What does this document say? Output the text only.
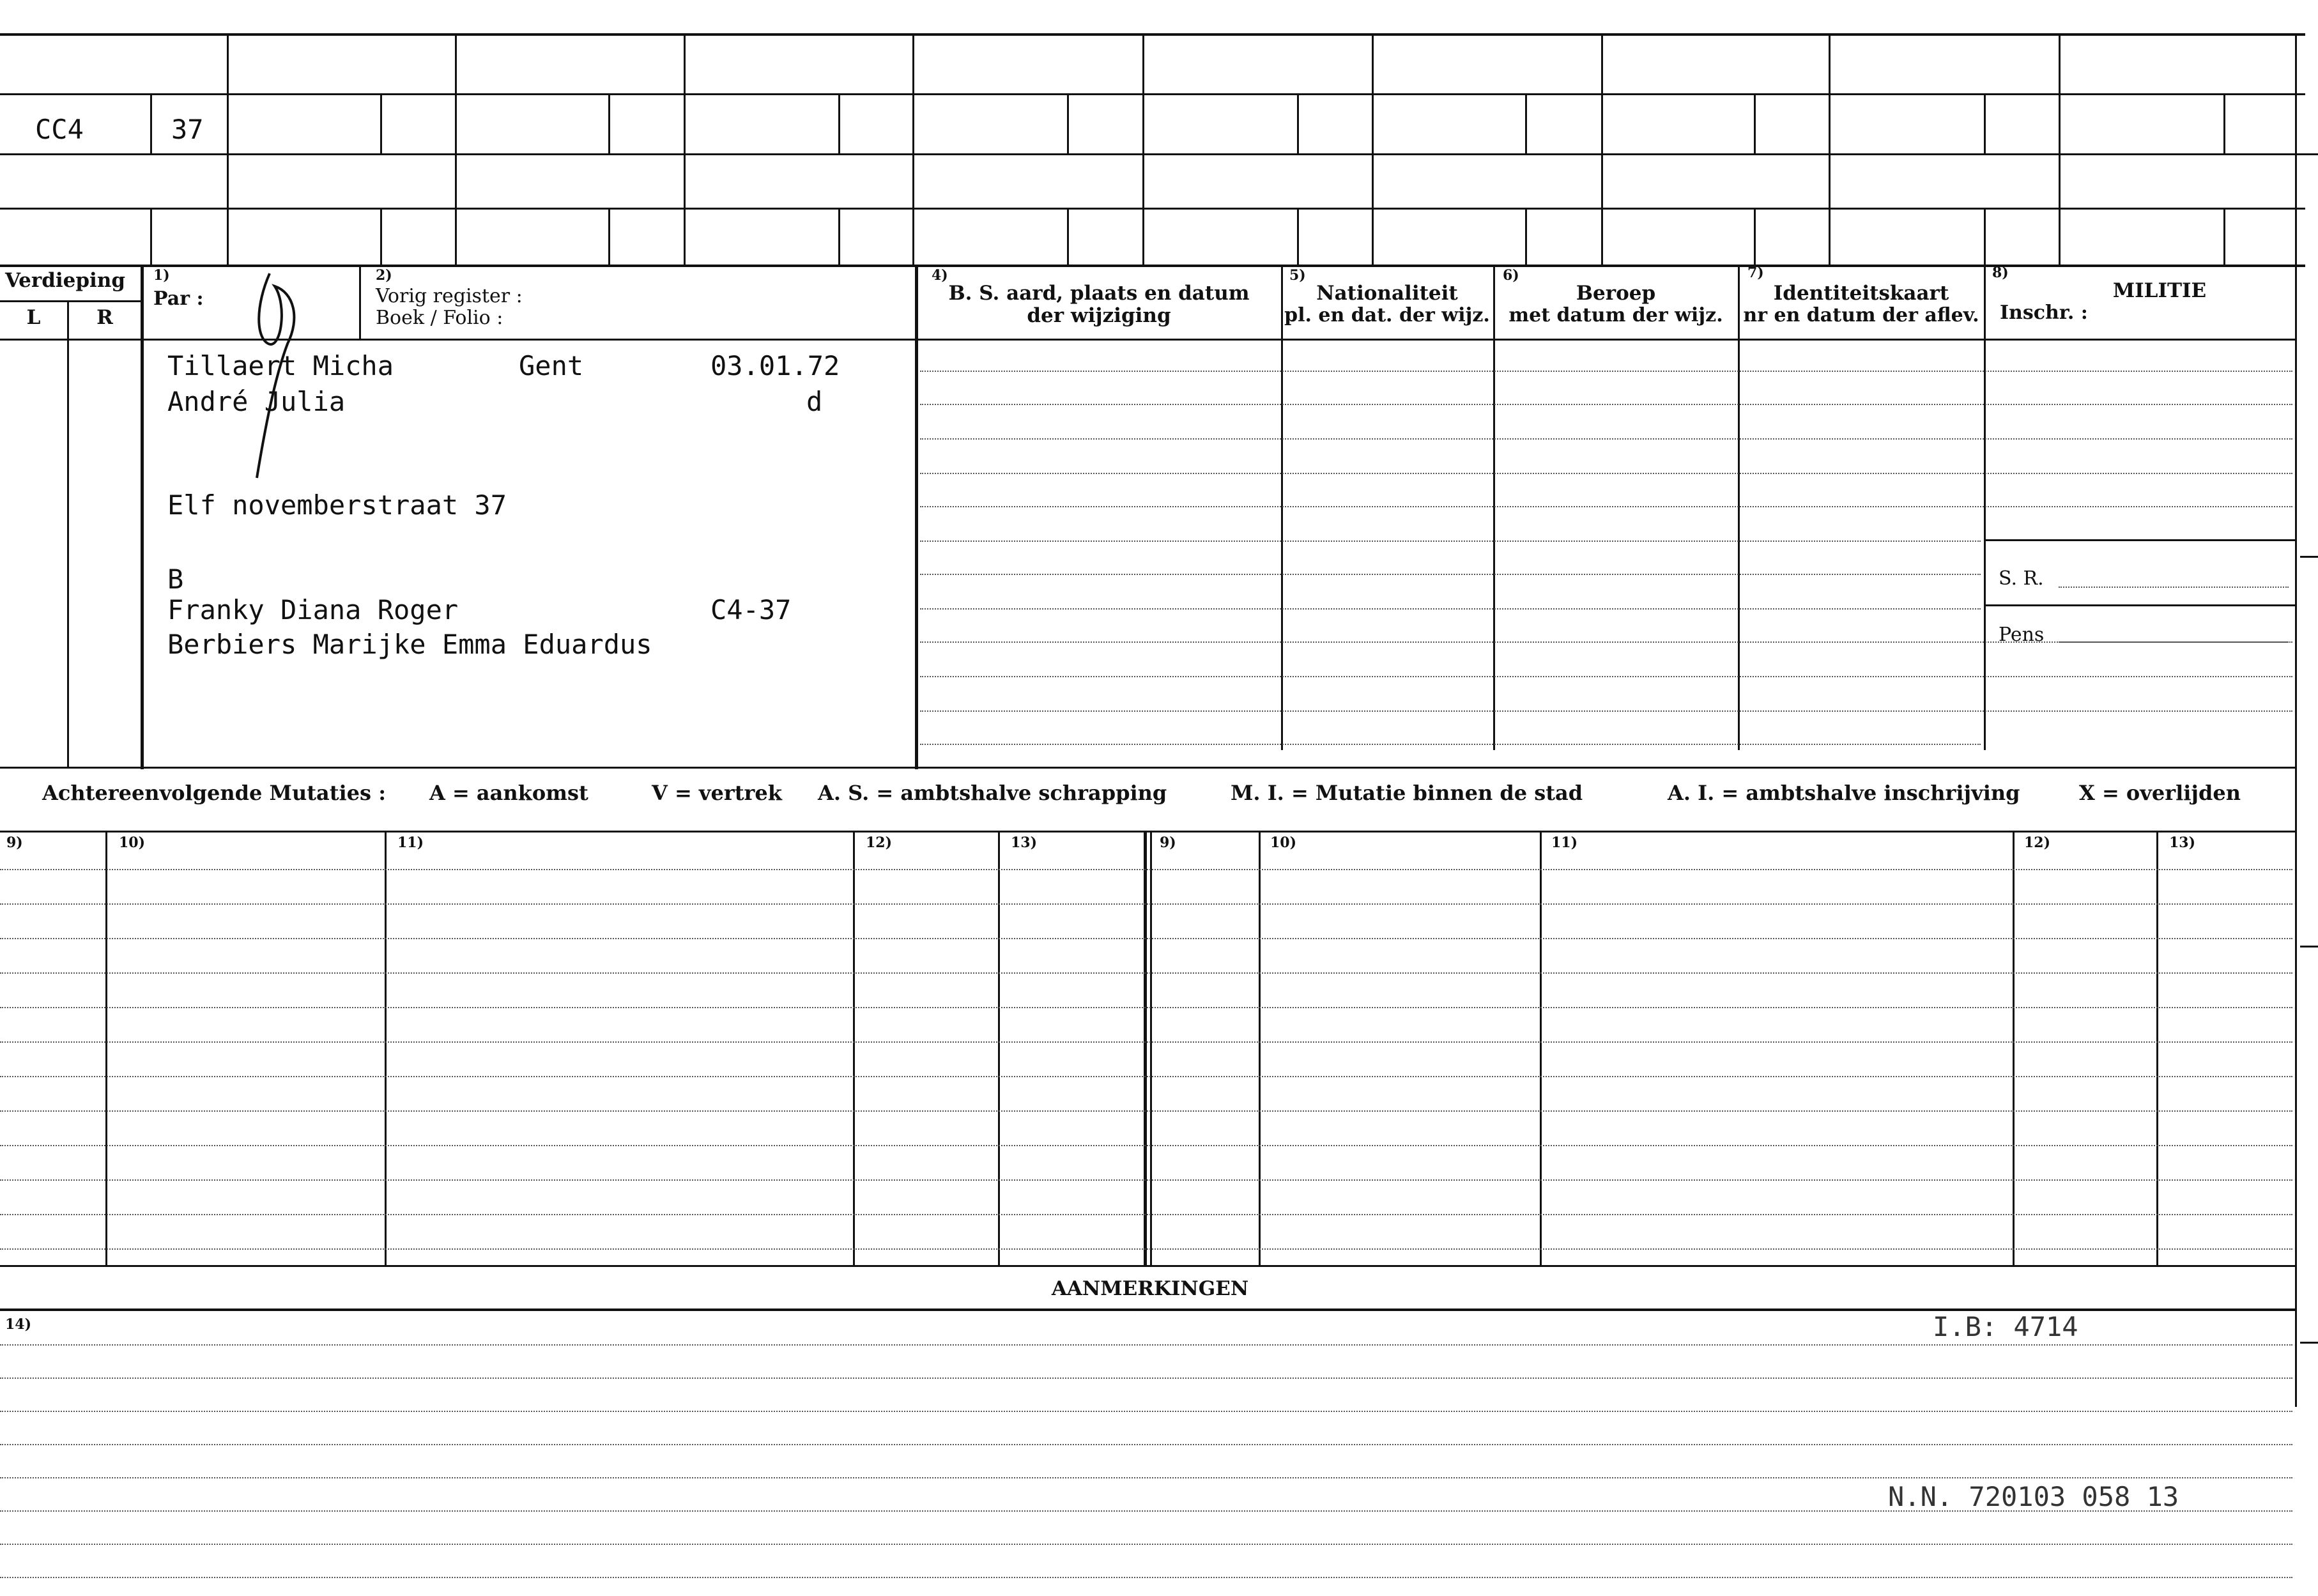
CC4	37
Verdieping
L	R
1)
Par :
2)
Vorig register :
Boek / Folio :
4)
B. S. aard, plaats en datum
der wijziging
5)
Nationaliteit
pl. en dat. der wijz.
6)
Beroep
met datum der wijz.
7)
Identiteitskaart
nr en datum der aflev.
8)
MILITIE
Inschr. :
Tillaert Micha	Gent	03.01.72
André Julia	d
Elf novemberstraat 37
B
Franky Diana Roger	C4-37
Berbiers Marijke Emma Eduardus
S. R.
Pens
Achtereenvolgende Mutaties : A = aankomst	V = vertrek A. S. = ambtshalve schrapping	M. I. = Mutatie binnen de stad	A. I. = ambtshalve inschrijving	X = overlijden
9)	10)	11)	12)	13)	9)	10)	11)	12)	13)
AANMERKINGEN
14)	I.B: 4714
N.N. 720103 058 13
